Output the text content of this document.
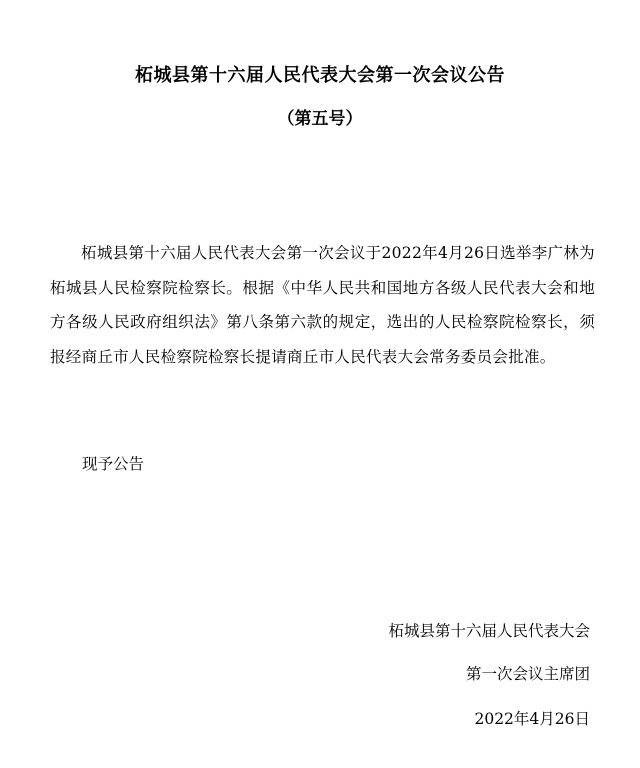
柘城县第十六届人民代表大会第一次会议公告
（第五号）

柘城县第十六届人民代表大会第一次会议于2022年4月26日选举李广林为柘城县人民检察院检察长。根据《中华人民共和国地方各级人民代表大会和地方各级人民政府组织法》第八条第六款的规定，选出的人民检察院检察长，须报经商丘市人民检察院检察长提请商丘市人民代表大会常务委员会批准。

现予公告

柘城县第十六届人民代表大会
第一次会议主席团
2022年4月26日
